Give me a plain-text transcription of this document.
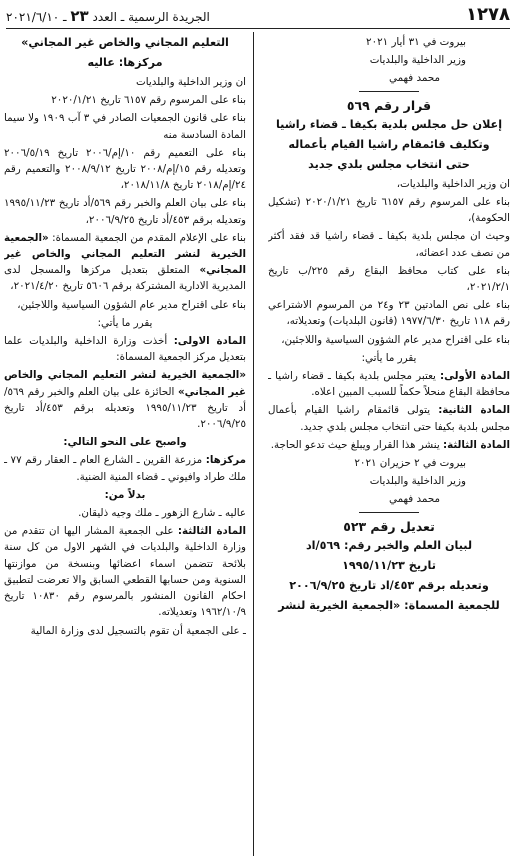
١٢٧٨
الجريدة الرسمية ـ العدد ٢٣ ـ ٢٠٢١/٦/١٠

بيروت في ٣١ أيار ٢٠٢١

وزير الداخلية والبلديات

محمد فهمي

قرار رقم ٥٦٩

إعلان حل مجلس بلدية بكيفا ـ قضاء راشيا

وتكليف قائمقام راشيا القيام بأعماله

حتى انتخاب مجلس بلدي جديد

ان وزير الداخلية والبلديات،

بناء على المرسوم رقم ٦١٥٧ تاريخ ٢٠٢٠/١/٢١ (تشكيل الحكومة)،

وحيث ان مجلس بلدية بكيفا ـ قضاء راشيا قد فقد أكثر من نصف عدد اعضائه،

بناء على كتاب محافظ البقاع رقم ٢٢٥/ب تاريخ ٢٠٢١/٢/١،

بناء على نص المادتين ٢٣ و٢٤ من المرسوم الاشتراعي رقم ١١٨ تاريخ ١٩٧٧/٦/٣٠ (قانون البلديات) وتعديلاته،

بناء على اقتراح مدير عام الشؤون السياسية واللاجئين،

يقرر ما يأتي:

المادة الأولى: يعتبر مجلس بلدية بكيفا ـ قضاء راشيا ـ محافظة البقاع منحلاً حكماً للسبب المبين اعلاه.

المادة الثانية: يتولى قائمقام راشيا القيام بأعمال مجلس بلدية بكيفا حتى انتخاب مجلس بلدي جديد.

المادة الثالثة: ينشر هذا القرار ويبلغ حيث تدعو الحاجة.

بيروت في ٢ حزيران ٢٠٢١

وزير الداخلية والبلديات

محمد فهمي

تعديل رقم ٥٢٣

لبيان العلم والخبر رقم: ٥٦٩/اد

تاريخ ١٩٩٥/١١/٢٣

وتعديله برقم ٤٥٣/اد تاريخ ٢٠٠٦/٩/٢٥

للجمعية المسماة: «الجمعية الخيرية لنشر

التعليم المجاني والخاص غير المجاني»

مركزها: عاليه

ان وزير الداخلية والبلديات

بناء على المرسوم رقم ٦١٥٧ تاريخ ٢٠٢٠/١/٢١

بناء على قانون الجمعيات الصادر في ٣ آب ١٩٠٩ ولا سيما المادة السادسة منه

بناء على التعميم رقم ١٠/إم/٢٠٠٦ تاريخ ٢٠٠٦/٥/١٩ وتعديله رقم ١٥/إم/٢٠٠٨ تاريخ ٢٠٠٨/٩/١٢ والتعميم رقم ٢٤/إم/٢٠١٨ تاريخ ٢٠١٨/١١/٨،

بناء على بيان العلم والخبر رقم ٥٦٩/أد تاريخ ١٩٩٥/١١/٢٣ وتعديله برقم ٤٥٣/أد تاريخ ٢٠٠٦/٩/٢٥،

بناء على الإعلام المقدم من الجمعية المسماة: «الجمعية الخيرية لنشر التعليم المجاني والخاص غير المجاني» المتعلق بتعديل مركزها والمسجل لدى المديرية الادارية المشتركة برقم ٥٦٠٦ تاريخ ٢٠٢١/٤/٢٠،

بناء على اقتراح مدير عام الشؤون السياسية واللاجئين،

يقرر ما يأتي:

المادة الاولى: أخذت وزارة الداخلية والبلديات علما بتعديل مركز الجمعية المسماة:

«الجمعية الخيرية لنشر التعليم المجاني والخاص غير المجاني» الحائزة على بيان العلم والخبر رقم ٥٦٩/أد تاريخ ١٩٩٥/١١/٢٣ وتعديله برقم ٤٥٣/أد تاريخ ٢٠٠٦/٩/٢٥.

واصبح على النحو التالي:

مركزها: مزرعة القرين ـ الشارع العام ـ العقار رقم ٧٧ ـ ملك طراد وافيوني ـ قضاء المنية الضنية.

بدلاً من:

عاليه ـ شارع الزهور ـ ملك وجيه ذليقان.

المادة الثالثة: على الجمعية المشار اليها ان تتقدم من وزارة الداخلية والبلديات في الشهر الاول من كل سنة بلائحة تتضمن اسماء اعضائها وبنسخة من موازنتها السنوية ومن حسابها القطعي السابق والا تعرضت لتطبيق احكام القانون المنشور بالمرسوم رقم ١٠٨٣٠ تاريخ ١٩٦٢/١٠/٩ وتعديلاته.

ـ على الجمعية أن تقوم بالتسجيل لدى وزارة المالية
